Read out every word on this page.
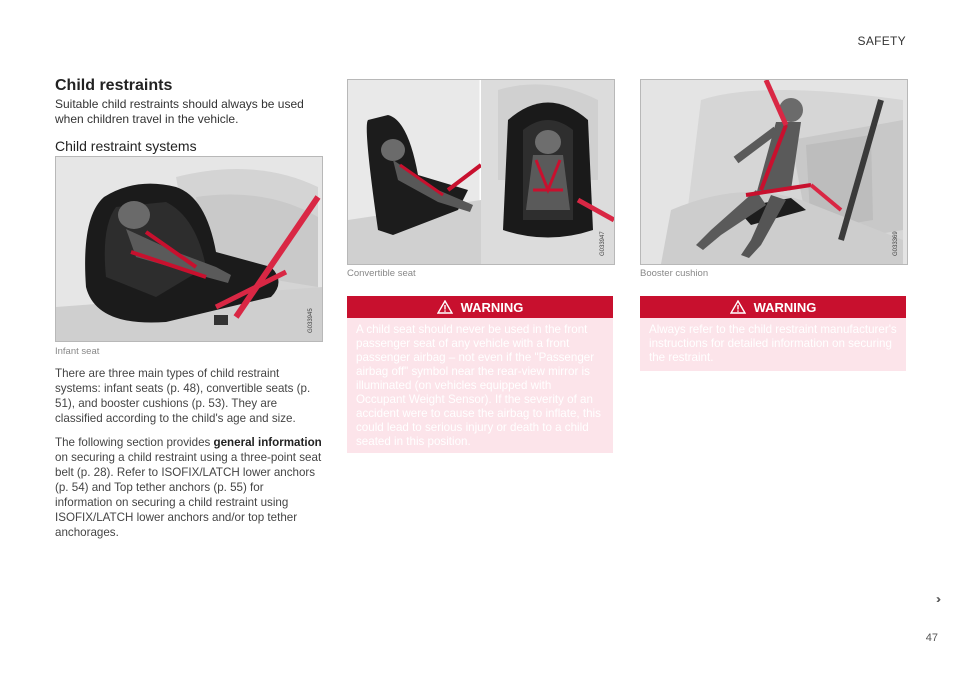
SAFETY
Child restraints
Suitable child restraints should always be used when children travel in the vehicle.
Child restraint systems
G033945
Infant seat

There are three main types of child restraint systems: infant seats (p. 48), convertible seats (p. 51), and booster cushions (p. 53). They are classified according to the child's age and size.

The following section provides general information on securing a child restraint using a three-point seat belt (p. 28). Refer to ISOFIX/LATCH lower anchors (p. 54) and Top tether anchors (p. 55) for information on securing a child restraint using ISOFIX/LATCH lower anchors and/or top tether anchorages.

G033947
Convertible seat
WARNING
A child seat should never be used in the front passenger seat of any vehicle with a front passenger airbag – not even if the "Passenger airbag off" symbol near the rear-view mirror is illuminated (on vehicles equipped with Occupant Weight Sensor). If the severity of an accident were to cause the airbag to inflate, this could lead to serious injury or death to a child seated in this position.
G033369
Booster cushion
WARNING
Always refer to the child restraint manufacturer's instructions for detailed information on securing the restraint.
››
47
